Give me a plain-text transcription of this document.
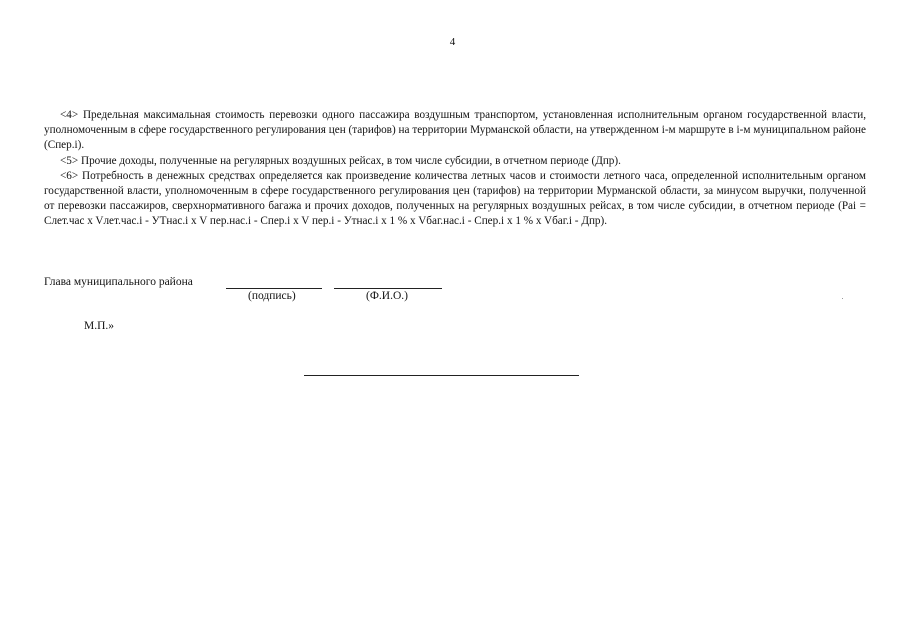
4

<4> Предельная максимальная стоимость перевозки одного пассажира воздушным транспортом, установленная исполнительным органом государственной власти, уполномоченным в сфере государственного регулирования цен (тарифов) на территории Мурманской области, на утвержденном i-м маршруте в i-м муниципальном районе (Спер.i).

<5> Прочие доходы, полученные на регулярных воздушных рейсах, в том числе субсидии, в отчетном периоде (Дпр).

<6> Потребность в денежных средствах определяется как произведение количества летных часов и стоимости летного часа, определенной исполнительным органом государственной власти, уполномоченным в сфере государственного регулирования цен (тарифов) на территории Мурманской области, за минусом выручки, полученной от перевозки пассажиров, сверхнормативного багажа и прочих доходов, полученных на регулярных воздушных рейсах, в том числе субсидии, в отчетном периоде (Pai = Cлет.час x Vлет.час.i - УТнас.i x V пер.нас.i - Cпер.i x V пер.i - Утнас.i x 1 % x Vбаг.нас.i - Cпер.i x 1 % x Vбаг.i - Дпр).

Глава муниципального района
(подпись)	(Ф.И.О.)
М.П.»
